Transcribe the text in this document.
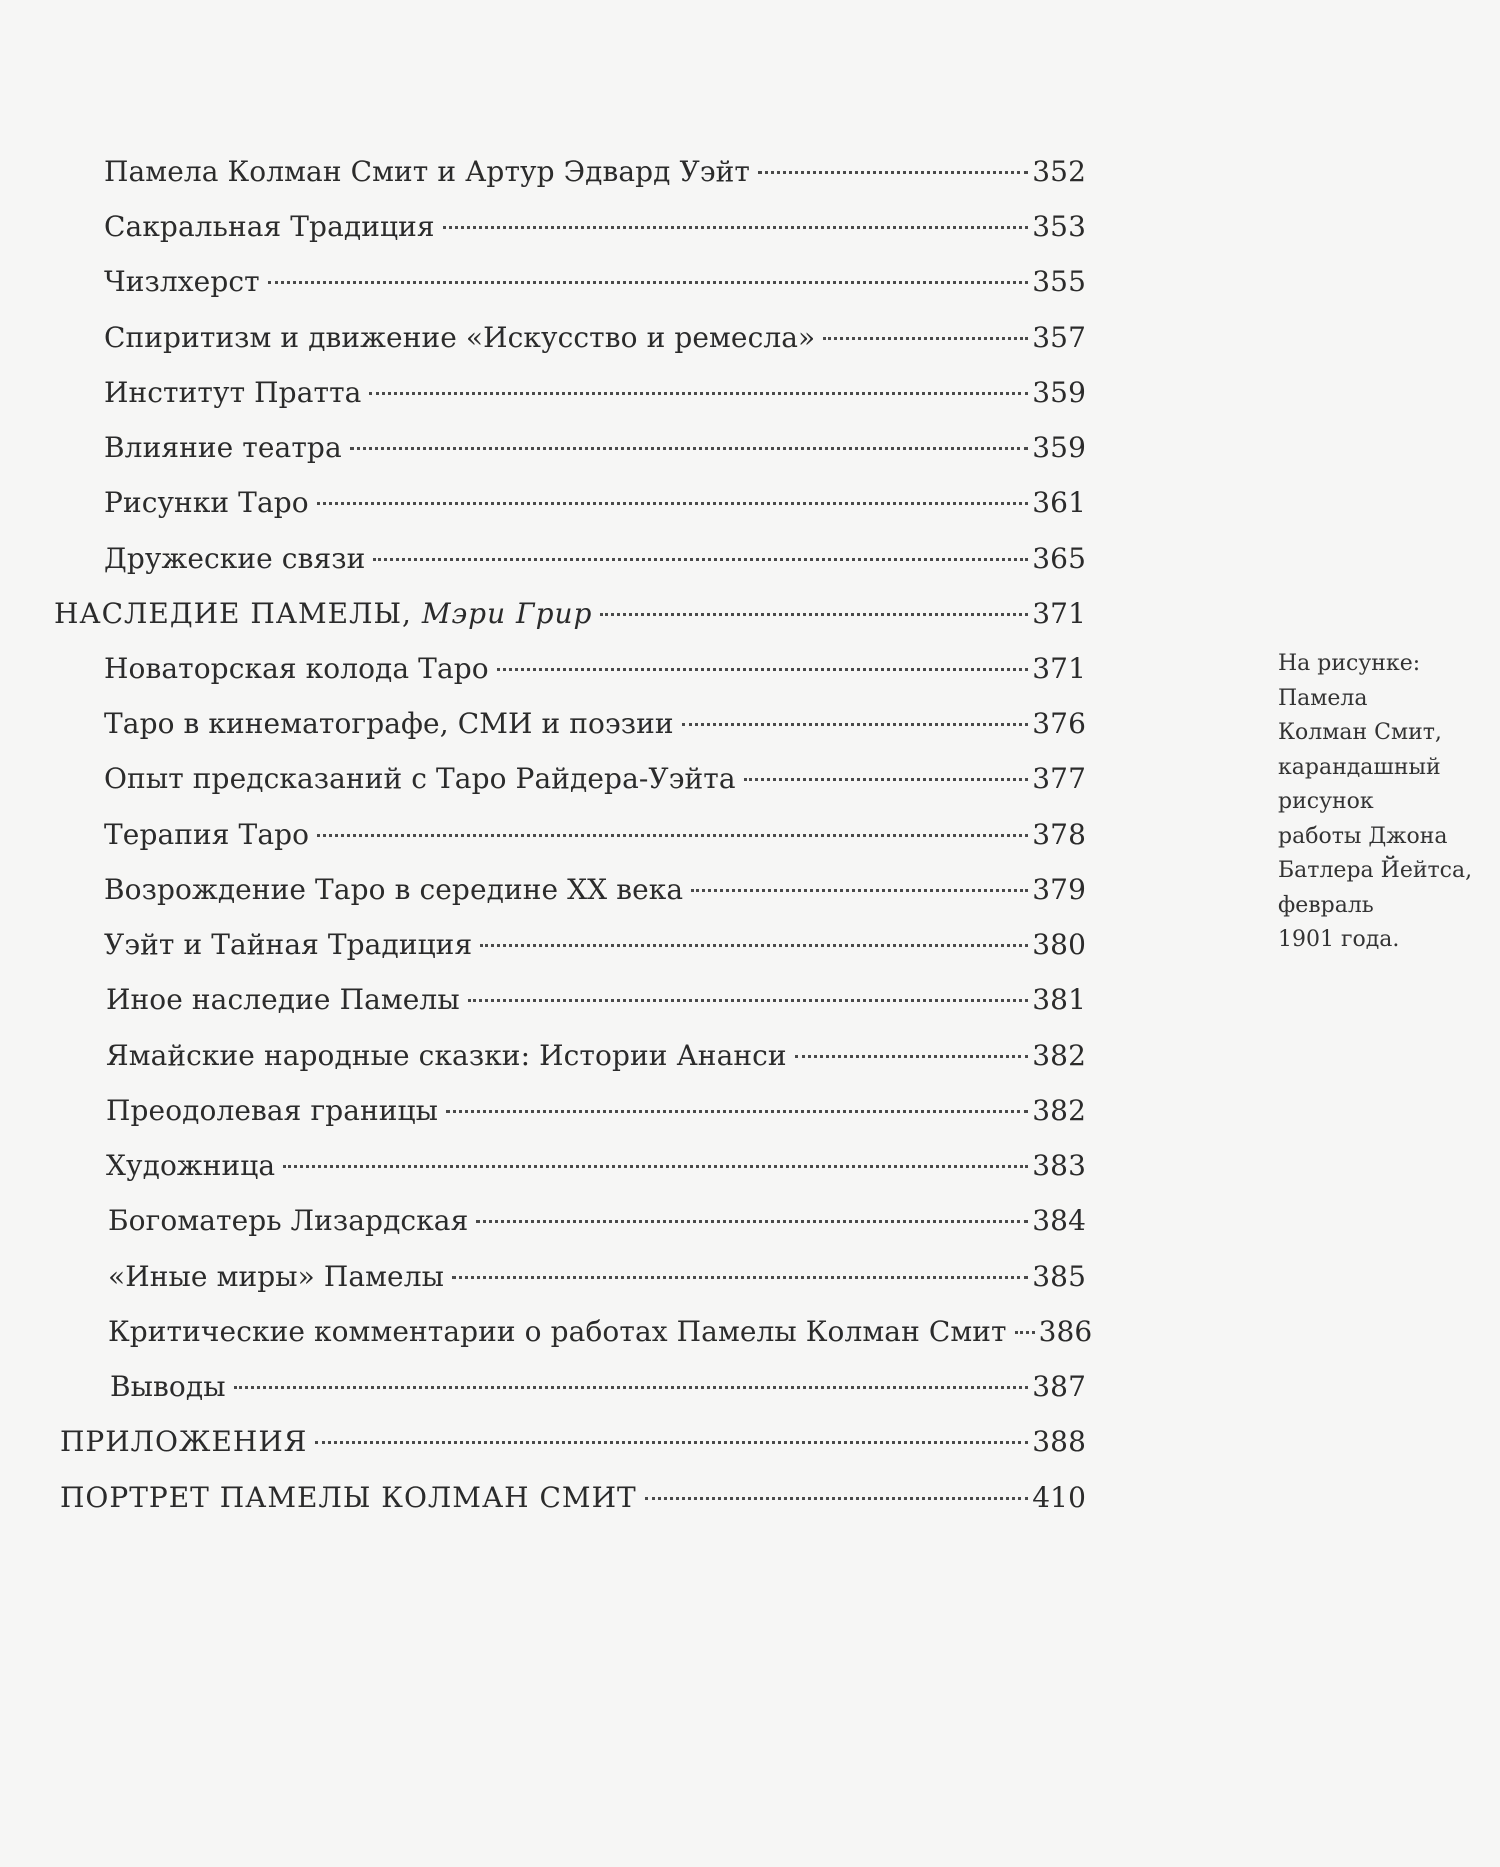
Памела Колман Смит и Артур Эдвард Уэйт	352
Сакральная Традиция	353
Чизлхерст	355
Спиритизм и движение «Искусство и ремесла»	357
Институт Пратта	359
Влияние театра	359
Рисунки Таро	361
Дружеские связи	365
НАСЛЕДИЕ ПАМЕЛЫ, Мэри Грир	371
Новаторская колода Таро	371
Таро в кинематографе, СМИ и поэзии	376
Опыт предсказаний с Таро Райдера-Уэйта	377
Терапия Таро	378
Возрождение Таро в середине XX века	379
Уэйт и Тайная Традиция	380
Иное наследие Памелы	381
Ямайские народные сказки: Истории Ананси	382
Преодолевая границы	382
Художница	383
Богоматерь Лизардская	384
«Иные миры» Памелы	385
Критические комментарии о работах Памелы Колман Смит 386
Выводы	387
ПРИЛОЖЕНИЯ	388
ПОРТРЕТ ПАМЕЛЫ КОЛМАН СМИТ	410
На рисунке:
Памела
Колман Смит,
карандашный
рисунок
работы Джона
Батлера Йейтса,
февраль
1901 года.
